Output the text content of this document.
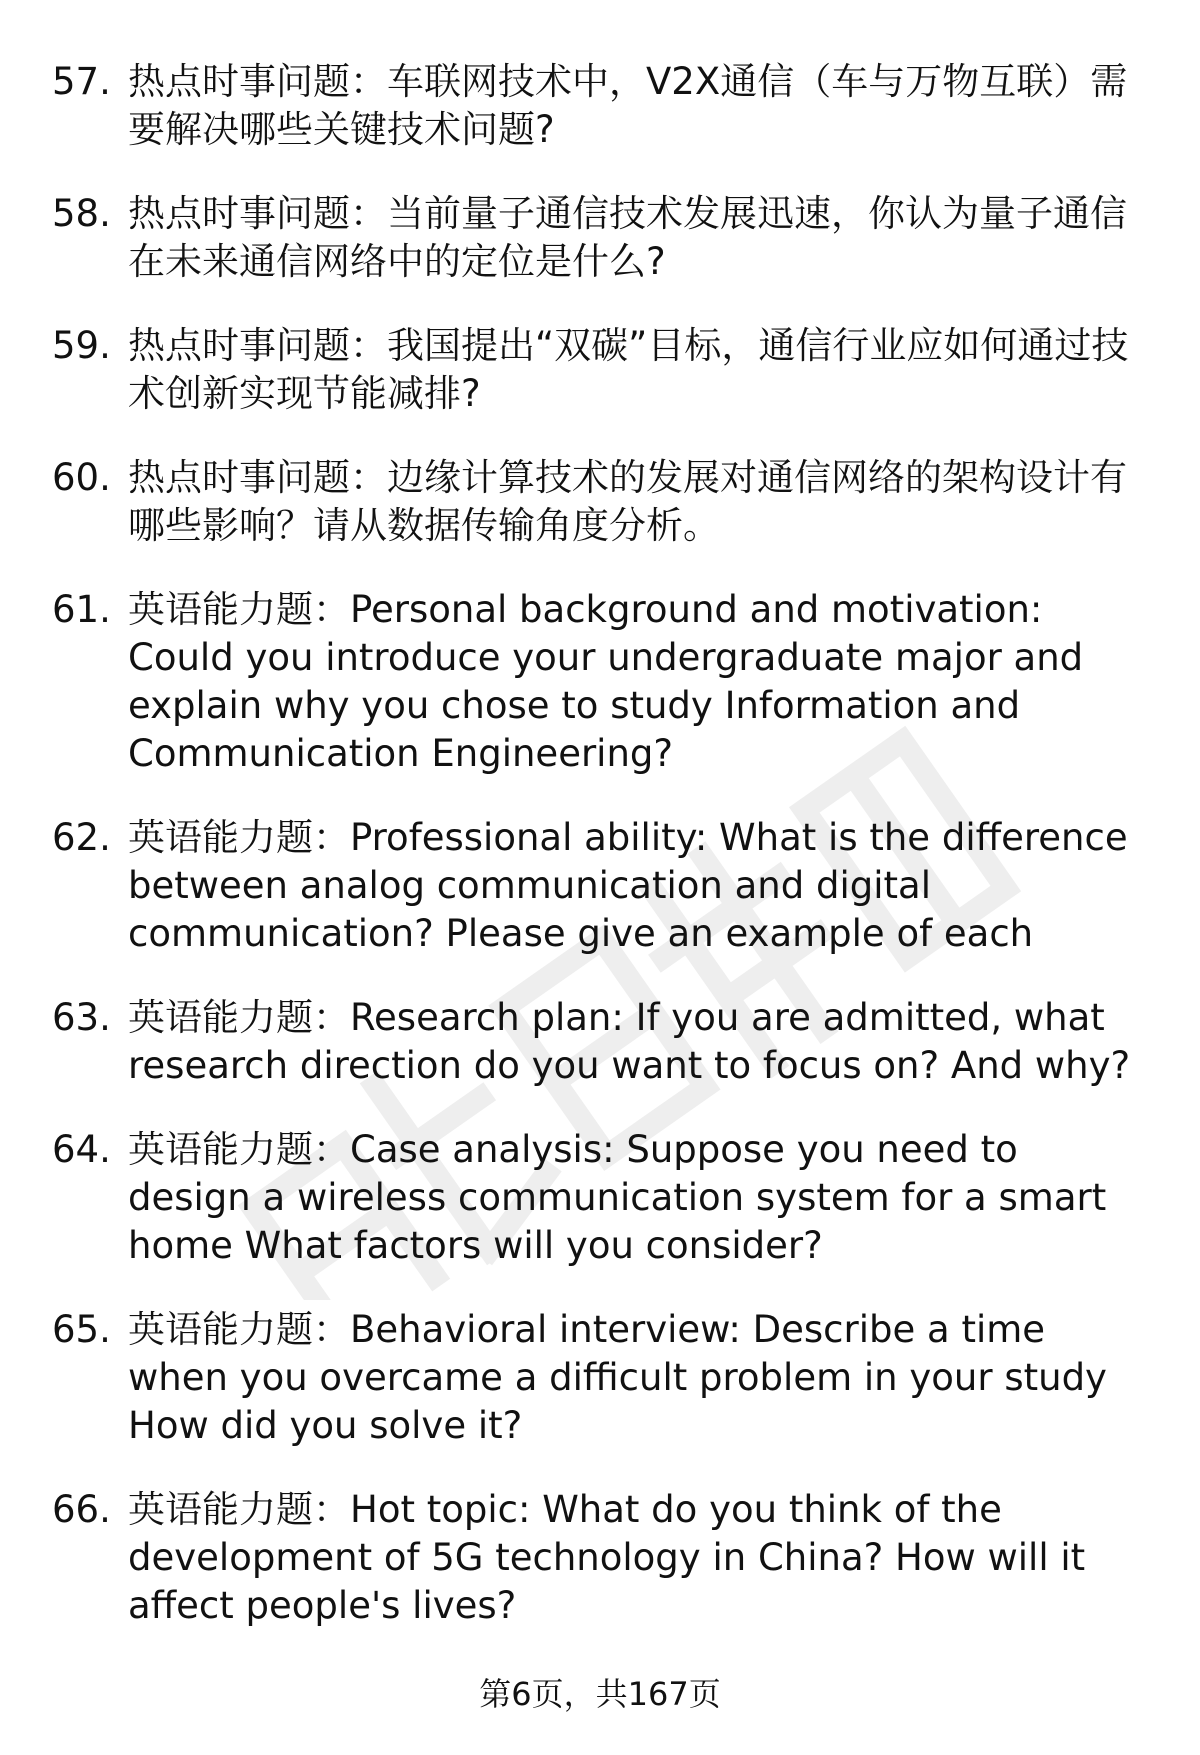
57. 热点时事问题：车联网技术中，V2X通信（车与万物互联）需要解决哪些关键技术问题?
58. 热点时事问题：当前量子通信技术发展迅速，你认为量子通信在未来通信网络中的定位是什么?
59. 热点时事问题：我国提出“双碳”目标，通信行业应如何通过技术创新实现节能减排?
60. 热点时事问题：边缘计算技术的发展对通信网络的架构设计有哪些影响？请从数据传输角度分析。
61. 英语能力题：Personal background and motivation: Could you introduce your undergraduate major and explain why you chose to study Information and Communication Engineering?
62. 英语能力题：Professional ability: What is the difference between analog communication and digital communication? Please give an example of each
63. 英语能力题：Research plan: If you are admitted, what research direction do you want to focus on? And why?
64. 英语能力题：Case analysis: Suppose you need to design a wireless communication system for a smart home What factors will you consider?
65. 英语能力题：Behavioral interview: Describe a time when you overcame a difficult problem in your study How did you solve it?
66. 英语能力题：Hot topic: What do you think of the development of 5G technology in China? How will it affect people's lives?
第6页，共167页
